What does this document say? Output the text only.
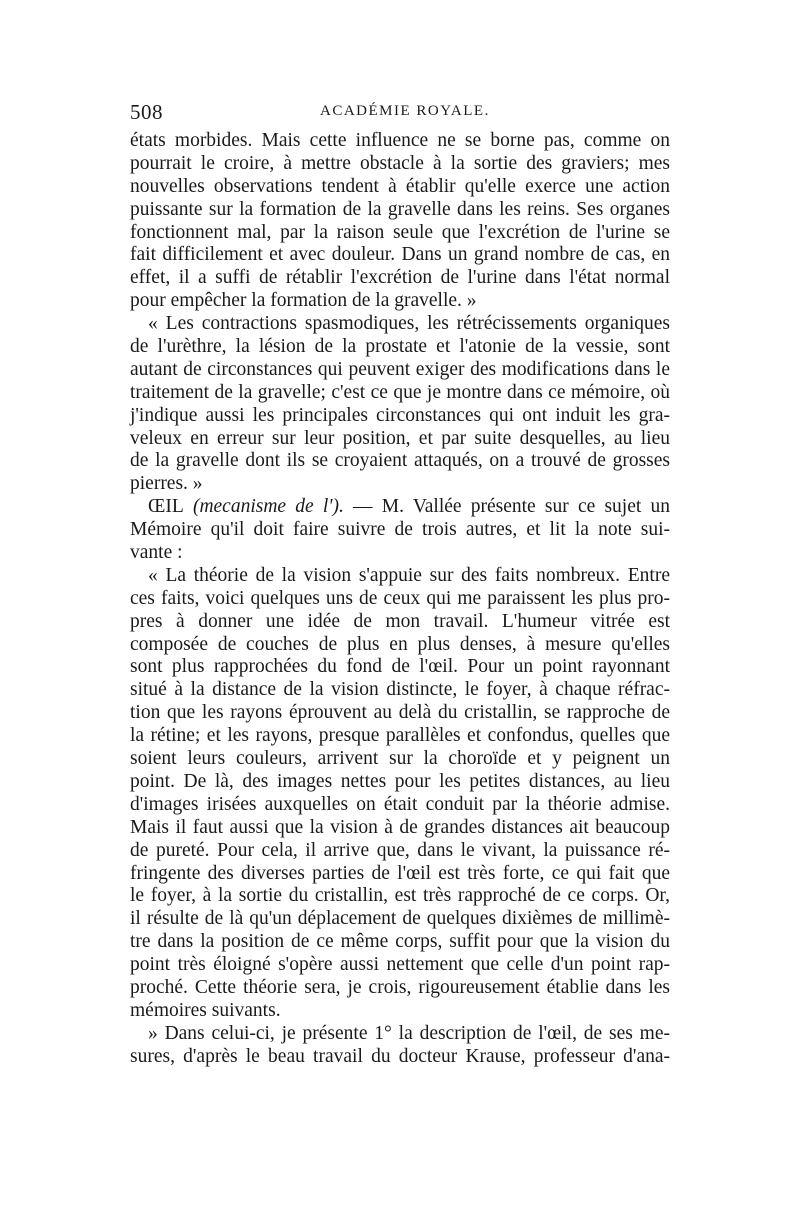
508	ACADÉMIE ROYALE.
états morbides. Mais cette influence ne se borne pas, comme on
pourrait le croire, à mettre obstacle à la sortie des graviers; mes
nouvelles observations tendent à établir qu'elle exerce une action
puissante sur la formation de la gravelle dans les reins. Ses organes
fonctionnent mal, par la raison seule que l'excrétion de l'urine se
fait difficilement et avec douleur. Dans un grand nombre de cas, en
effet, il a suffi de rétablir l'excrétion de l'urine dans l'état normal
pour empêcher la formation de la gravelle. »
« Les contractions spasmodiques, les rétrécissements organiques
de l'urèthre, la lésion de la prostate et l'atonie de la vessie, sont
autant de circonstances qui peuvent exiger des modifications dans le
traitement de la gravelle; c'est ce que je montre dans ce mémoire, où
j'indique aussi les principales circonstances qui ont induit les gra-
veleux en erreur sur leur position, et par suite desquelles, au lieu
de la gravelle dont ils se croyaient attaqués, on a trouvé de grosses
pierres. »
ŒIL (mecanisme de l'). — M. Vallée présente sur ce sujet un
Mémoire qu'il doit faire suivre de trois autres, et lit la note sui-
vante :
« La théorie de la vision s'appuie sur des faits nombreux. Entre
ces faits, voici quelques uns de ceux qui me paraissent les plus pro-
pres à donner une idée de mon travail. L'humeur vitrée est
composée de couches de plus en plus denses, à mesure qu'elles
sont plus rapprochées du fond de l'œil. Pour un point rayonnant
situé à la distance de la vision distincte, le foyer, à chaque réfrac-
tion que les rayons éprouvent au delà du cristallin, se rapproche de
la rétine; et les rayons, presque parallèles et confondus, quelles que
soient leurs couleurs, arrivent sur la choroïde et y peignent un
point. De là, des images nettes pour les petites distances, au lieu
d'images irisées auxquelles on était conduit par la théorie admise.
Mais il faut aussi que la vision à de grandes distances ait beaucoup
de pureté. Pour cela, il arrive que, dans le vivant, la puissance ré-
fringente des diverses parties de l'œil est très forte, ce qui fait que
le foyer, à la sortie du cristallin, est très rapproché de ce corps. Or,
il résulte de là qu'un déplacement de quelques dixièmes de millimè-
tre dans la position de ce même corps, suffit pour que la vision du
point très éloigné s'opère aussi nettement que celle d'un point rap-
proché. Cette théorie sera, je crois, rigoureusement établie dans les
mémoires suivants.
» Dans celui-ci, je présente 1° la description de l'œil, de ses me-
sures, d'après le beau travail du docteur Krause, professeur d'ana-
